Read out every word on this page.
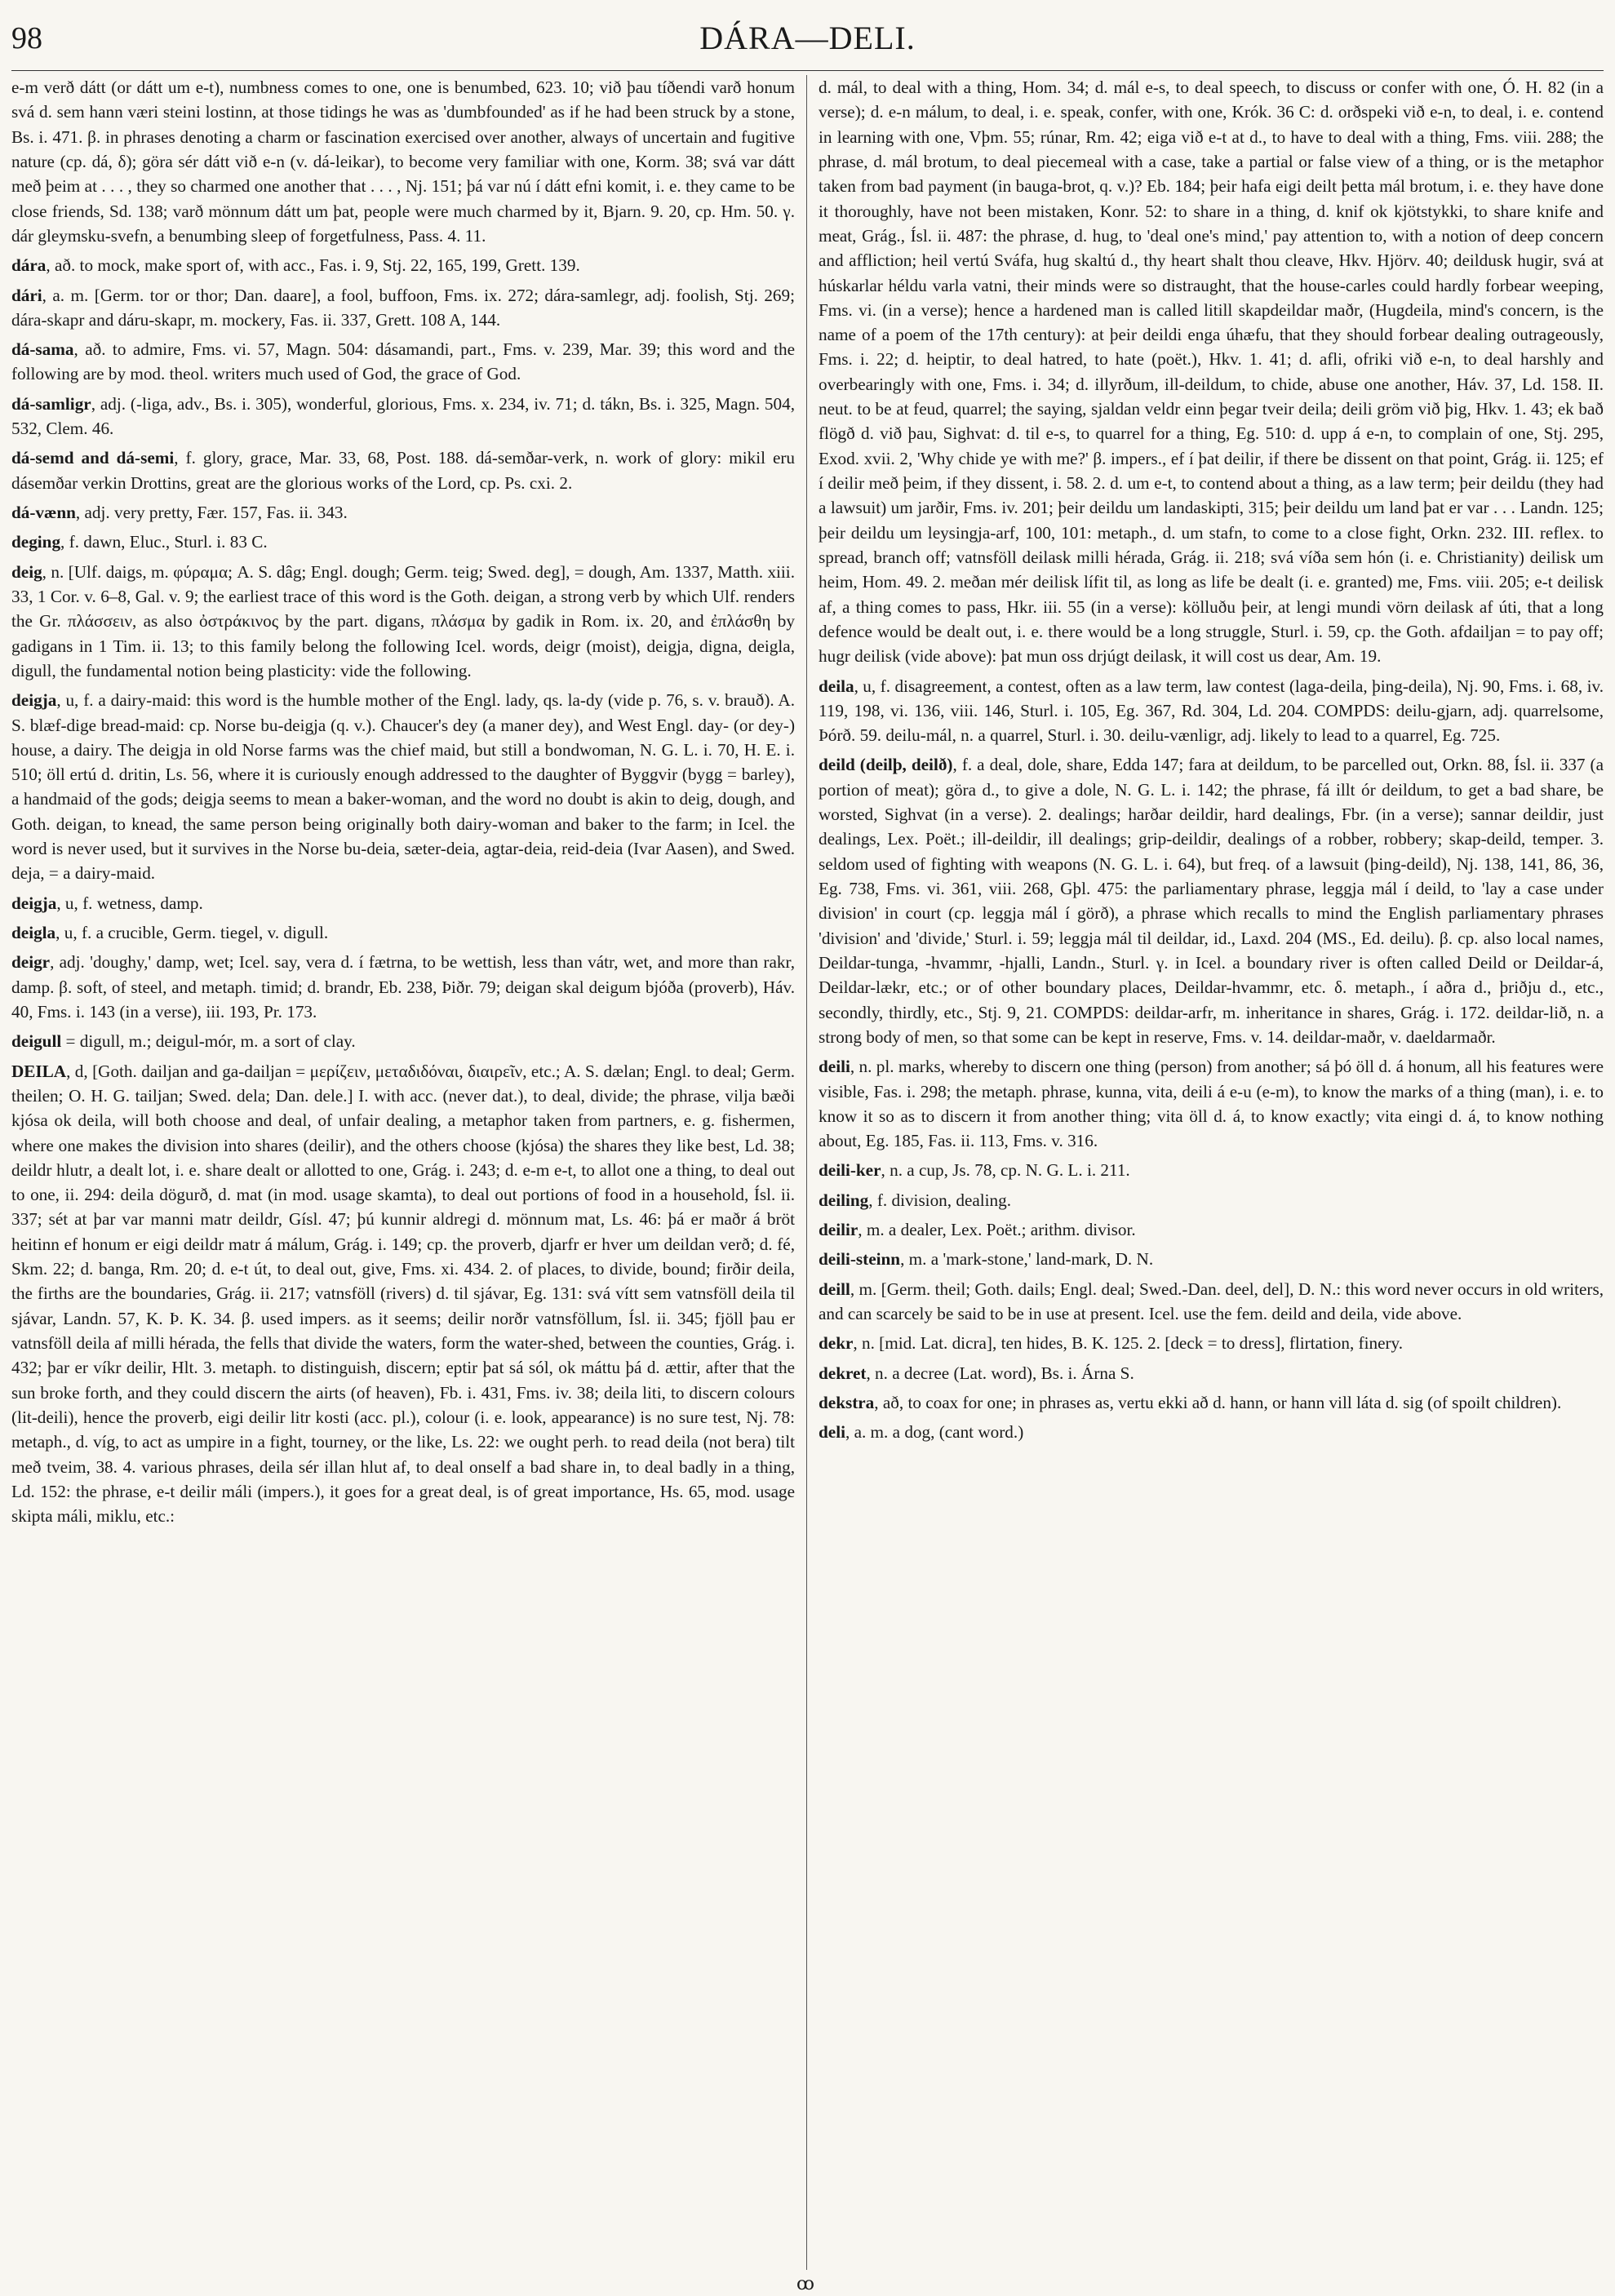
98	DÁRA—DELI.

e-m verð dátt (or dátt um e-t), numbness comes to one, one is benumbed, 623. 10; við þau tíðendi varð honum svá d. sem hann væri steini lostinn, at those tidings he was as 'dumbfounded' as if he had been struck by a stone, Bs. i. 471. β. in phrases denoting a charm or fascination exercised over another, always of uncertain and fugitive nature (cp. dá, δ); göra sér dátt við e-n (v. dá-leikar), to become very familiar with one, Korm. 38; svá var dátt með þeim at . . . , they so charmed one another that . . . , Nj. 151; þá var nú í dátt efni komit, i. e. they came to be close friends, Sd. 138; varð mönnum dátt um þat, people were much charmed by it, Bjarn. 9. 20, cp. Hm. 50. γ. dár gleymsku-svefn, a benumbing sleep of forgetfulness, Pass. 4. 11.

dára, að. to mock, make sport of, with acc., Fas. i. 9, Stj. 22, 165, 199, Grett. 139.

dári, a. m. [Germ. tor or thor; Dan. daare], a fool, buffoon, Fms. ix. 272; dára-samlegr, adj. foolish, Stj. 269; dára-skapr and dáru-skapr, m. mockery, Fas. ii. 337, Grett. 108 A, 144.

dá-sama, að. to admire, Fms. vi. 57, Magn. 504: dásamandi, part., Fms. v. 239, Mar. 39; this word and the following are by mod. theol. writers much used of God, the grace of God.

dá-samligr, adj. (-liga, adv., Bs. i. 305), wonderful, glorious, Fms. x. 234, iv. 71; d. tákn, Bs. i. 325, Magn. 504, 532, Clem. 46.

dá-semd and dá-semi, f. glory, grace, Mar. 33, 68, Post. 188. dá-semðar-verk, n. work of glory: mikil eru dásemðar verkin Drottins, great are the glorious works of the Lord, cp. Ps. cxi. 2.

dá-vænn, adj. very pretty, Fær. 157, Fas. ii. 343.

deging, f. dawn, Eluc., Sturl. i. 83 C.

deig, n. [Ulf. daigs, m. φύραμα; A. S. dâg; Engl. dough; Germ. teig; Swed. deg], = dough, Am. 1337, Matth. xiii. 33, 1 Cor. v. 6–8, Gal. v. 9; the earliest trace of this word is the Goth. deigan, a strong verb by which Ulf. renders the Gr. πλάσσειν, as also ὀστράκινος by the part. digans, πλάσμα by gadik in Rom. ix. 20, and ἐπλάσθη by gadigans in 1 Tim. ii. 13; to this family belong the following Icel. words, deigr (moist), deigja, digna, deigla, digull, the fundamental notion being plasticity: vide the following.

deigja, u, f. a dairy-maid: this word is the humble mother of the Engl. lady, qs. la-dy (vide p. 76, s. v. brauð). A. S. blæf-dige bread-maid: cp. Norse bu-deigja (q. v.). Chaucer's dey (a maner dey), and West Engl. day- (or dey-) house, a dairy. The deigja in old Norse farms was the chief maid, but still a bondwoman, N. G. L. i. 70, H. E. i. 510; öll ertú d. dritin, Ls. 56, where it is curiously enough addressed to the daughter of Byggvir (bygg = barley), a handmaid of the gods; deigja seems to mean a baker-woman, and the word no doubt is akin to deig, dough, and Goth. deigan, to knead, the same person being originally both dairy-woman and baker to the farm; in Icel. the word is never used, but it survives in the Norse bu-deia, sæter-deia, agtar-deia, reid-deia (Ivar Aasen), and Swed. deja, = a dairy-maid.

deigja, u, f. wetness, damp.

deigla, u, f. a crucible, Germ. tiegel, v. digull.

deigr, adj. 'doughy,' damp, wet; Icel. say, vera d. í fætrna, to be wettish, less than vátr, wet, and more than rakr, damp. β. soft, of steel, and metaph. timid; d. brandr, Eb. 238, Þiðr. 79; deigan skal deigum bjóða (proverb), Háv. 40, Fms. i. 143 (in a verse), iii. 193, Pr. 173.

deigull = digull, m.; deigul-mór, m. a sort of clay.

DEILA, d, [Goth. dailjan and ga-dailjan = μερίζειν, μεταδιδόναι, διαιρεῖν, etc.; A. S. dælan; Engl. to deal; Germ. theilen; O. H. G. tailjan; Swed. dela; Dan. dele.] I. with acc. (never dat.), to deal, divide; the phrase, vilja bæði kjósa ok deila, will both choose and deal, of unfair dealing, a metaphor taken from partners, e. g. fishermen, where one makes the division into shares (deilir), and the others choose (kjósa) the shares they like best, Ld. 38; deildr hlutr, a dealt lot, i. e. share dealt or allotted to one, Grág. i. 243; d. e-m e-t, to allot one a thing, to deal out to one, ii. 294: deila dögurð, d. mat (in mod. usage skamta), to deal out portions of food in a household, Ísl. ii. 337; sét at þar var manni matr deildr, Gísl. 47; þú kunnir aldregi d. mönnum mat, Ls. 46: þá er maðr á bröt heitinn ef honum er eigi deildr matr á málum, Grág. i. 149; cp. the proverb, djarfr er hver um deildan verð; d. fé, Skm. 22; d. banga, Rm. 20; d. e-t út, to deal out, give, Fms. xi. 434. 2. of places, to divide, bound; firðir deila, the firths are the boundaries, Grág. ii. 217; vatnsföll (rivers) d. til sjávar, Eg. 131: svá vítt sem vatnsföll deila til sjávar, Landn. 57, K. Þ. K. 34. β. used impers. as it seems; deilir norðr vatnsföllum, Ísl. ii. 345; fjöll þau er vatnsföll deila af milli hérada, the fells that divide the waters, form the water-shed, between the counties, Grág. i. 432; þar er víkr deilir, Hlt. 3. metaph. to distinguish, discern; eptir þat sá sól, ok máttu þá d. ættir, after that the sun broke forth, and they could discern the airts (of heaven), Fb. i. 431, Fms. iv. 38; deila liti, to discern colours (lit-deili), hence the proverb, eigi deilir litr kosti (acc. pl.), colour (i. e. look, appearance) is no sure test, Nj. 78: metaph., d. víg, to act as umpire in a fight, tourney, or the like, Ls. 22: we ought perh. to read deila (not bera) tilt með tveim, 38. 4. various phrases, deila sér illan hlut af, to deal onself a bad share in, to deal badly in a thing, Ld. 152: the phrase, e-t deilir máli (impers.), it goes for a great deal, is of great importance, Hs. 65, mod. usage skipta máli, miklu, etc.:

d. mál, to deal with a thing, Hom. 34; d. mál e-s, to deal speech, to discuss or confer with one, Ó. H. 82 (in a verse); d. e-n málum, to deal, i. e. speak, confer, with one, Krók. 36 C: d. orðspeki við e-n, to deal, i. e. contend in learning with one, Vþm. 55; rúnar, Rm. 42; eiga við e-t at d., to have to deal with a thing, Fms. viii. 288; the phrase, d. mál brotum, to deal piecemeal with a case, take a partial or false view of a thing, or is the metaphor taken from bad payment (in bauga-brot, q. v.)? Eb. 184; þeir hafa eigi deilt þetta mál brotum, i. e. they have done it thoroughly, have not been mistaken, Konr. 52: to share in a thing, d. knif ok kjötstykki, to share knife and meat, Grág., Ísl. ii. 487: the phrase, d. hug, to 'deal one's mind,' pay attention to, with a notion of deep concern and affliction; heil vertú Sváfa, hug skaltú d., thy heart shalt thou cleave, Hkv. Hjörv. 40; deildusk hugir, svá at húskarlar héldu varla vatni, their minds were so distraught, that the house-carles could hardly forbear weeping, Fms. vi. (in a verse); hence a hardened man is called litill skapdeildar maðr, (Hugdeila, mind's concern, is the name of a poem of the 17th century): at þeir deildi enga úhæfu, that they should forbear dealing outrageously, Fms. i. 22; d. heiptir, to deal hatred, to hate (poët.), Hkv. 1. 41; d. afli, ofriki við e-n, to deal harshly and overbearingly with one, Fms. i. 34; d. illyrðum, ill-deildum, to chide, abuse one another, Háv. 37, Ld. 158. II. neut. to be at feud, quarrel; the saying, sjaldan veldr einn þegar tveir deila; deili gröm við þig, Hkv. 1. 43; ek bað flögð d. við þau, Sighvat: d. til e-s, to quarrel for a thing, Eg. 510: d. upp á e-n, to complain of one, Stj. 295, Exod. xvii. 2, 'Why chide ye with me?' β. impers., ef í þat deilir, if there be dissent on that point, Grág. ii. 125; ef í deilir með þeim, if they dissent, i. 58. 2. d. um e-t, to contend about a thing, as a law term; þeir deildu (they had a lawsuit) um jarðir, Fms. iv. 201; þeir deildu um landaskipti, 315; þeir deildu um land þat er var . . . Landn. 125; þeir deildu um leysingja-arf, 100, 101: metaph., d. um stafn, to come to a close fight, Orkn. 232. III. reflex. to spread, branch off; vatnsföll deilask milli hérada, Grág. ii. 218; svá víða sem hón (i. e. Christianity) deilisk um heim, Hom. 49. 2. meðan mér deilisk lífit til, as long as life be dealt (i. e. granted) me, Fms. viii. 205; e-t deilisk af, a thing comes to pass, Hkr. iii. 55 (in a verse): kölluðu þeir, at lengi mundi vörn deilask af úti, that a long defence would be dealt out, i. e. there would be a long struggle, Sturl. i. 59, cp. the Goth. afdailjan = to pay off; hugr deilisk (vide above): þat mun oss drjúgt deilask, it will cost us dear, Am. 19.

deila, u, f. disagreement, a contest, often as a law term, law contest (laga-deila, þing-deila), Nj. 90, Fms. i. 68, iv. 119, 198, vi. 136, viii. 146, Sturl. i. 105, Eg. 367, Rd. 304, Ld. 204. COMPDS: deilu-gjarn, adj. quarrelsome, Þórð. 59. deilu-mál, n. a quarrel, Sturl. i. 30. deilu-vænligr, adj. likely to lead to a quarrel, Eg. 725.

deild (deilþ, deilð), f. a deal, dole, share, Edda 147; fara at deildum, to be parcelled out, Orkn. 88, Ísl. ii. 337 (a portion of meat); göra d., to give a dole, N. G. L. i. 142; the phrase, fá illt ór deildum, to get a bad share, be worsted, Sighvat (in a verse). 2. dealings; harðar deildir, hard dealings, Fbr. (in a verse); sannar deildir, just dealings, Lex. Poët.; ill-deildir, ill dealings; grip-deildir, dealings of a robber, robbery; skap-deild, temper. 3. seldom used of fighting with weapons (N. G. L. i. 64), but freq. of a lawsuit (þing-deild), Nj. 138, 141, 86, 36, Eg. 738, Fms. vi. 361, viii. 268, Gþl. 475: the parliamentary phrase, leggja mál í deild, to 'lay a case under division' in court (cp. leggja mál í görð), a phrase which recalls to mind the English parliamentary phrases 'division' and 'divide,' Sturl. i. 59; leggja mál til deildar, id., Laxd. 204 (MS., Ed. deilu). β. cp. also local names, Deildar-tunga, -hvammr, -hjalli, Landn., Sturl. γ. in Icel. a boundary river is often called Deild or Deildar-á, Deildar-lækr, etc.; or of other boundary places, Deildar-hvammr, etc. δ. metaph., í aðra d., þriðju d., etc., secondly, thirdly, etc., Stj. 9, 21. COMPDS: deildar-arfr, m. inheritance in shares, Grág. i. 172. deildar-lið, n. a strong body of men, so that some can be kept in reserve, Fms. v. 14. deildar-maðr, v. daeldarmaðr.

deili, n. pl. marks, whereby to discern one thing (person) from another; sá þó öll d. á honum, all his features were visible, Fas. i. 298; the metaph. phrase, kunna, vita, deili á e-u (e-m), to know the marks of a thing (man), i. e. to know it so as to discern it from another thing; vita öll d. á, to know exactly; vita eingi d. á, to know nothing about, Eg. 185, Fas. ii. 113, Fms. v. 316.

deili-ker, n. a cup, Js. 78, cp. N. G. L. i. 211.

deiling, f. division, dealing.

deilir, m. a dealer, Lex. Poët.; arithm. divisor.

deili-steinn, m. a 'mark-stone,' land-mark, D. N.

deill, m. [Germ. theil; Goth. dails; Engl. deal; Swed.-Dan. deel, del], D. N.: this word never occurs in old writers, and can scarcely be said to be in use at present. Icel. use the fem. deild and deila, vide above.

dekr, n. [mid. Lat. dicra], ten hides, B. K. 125. 2. [deck = to dress], flirtation, finery.

dekret, n. a decree (Lat. word), Bs. i. Árna S.

dekstra, að, to coax for one; in phrases as, vertu ekki að d. hann, or hann vill láta d. sig (of spoilt children).

deli, a. m. a dog, (cant word.)

ꝏ
